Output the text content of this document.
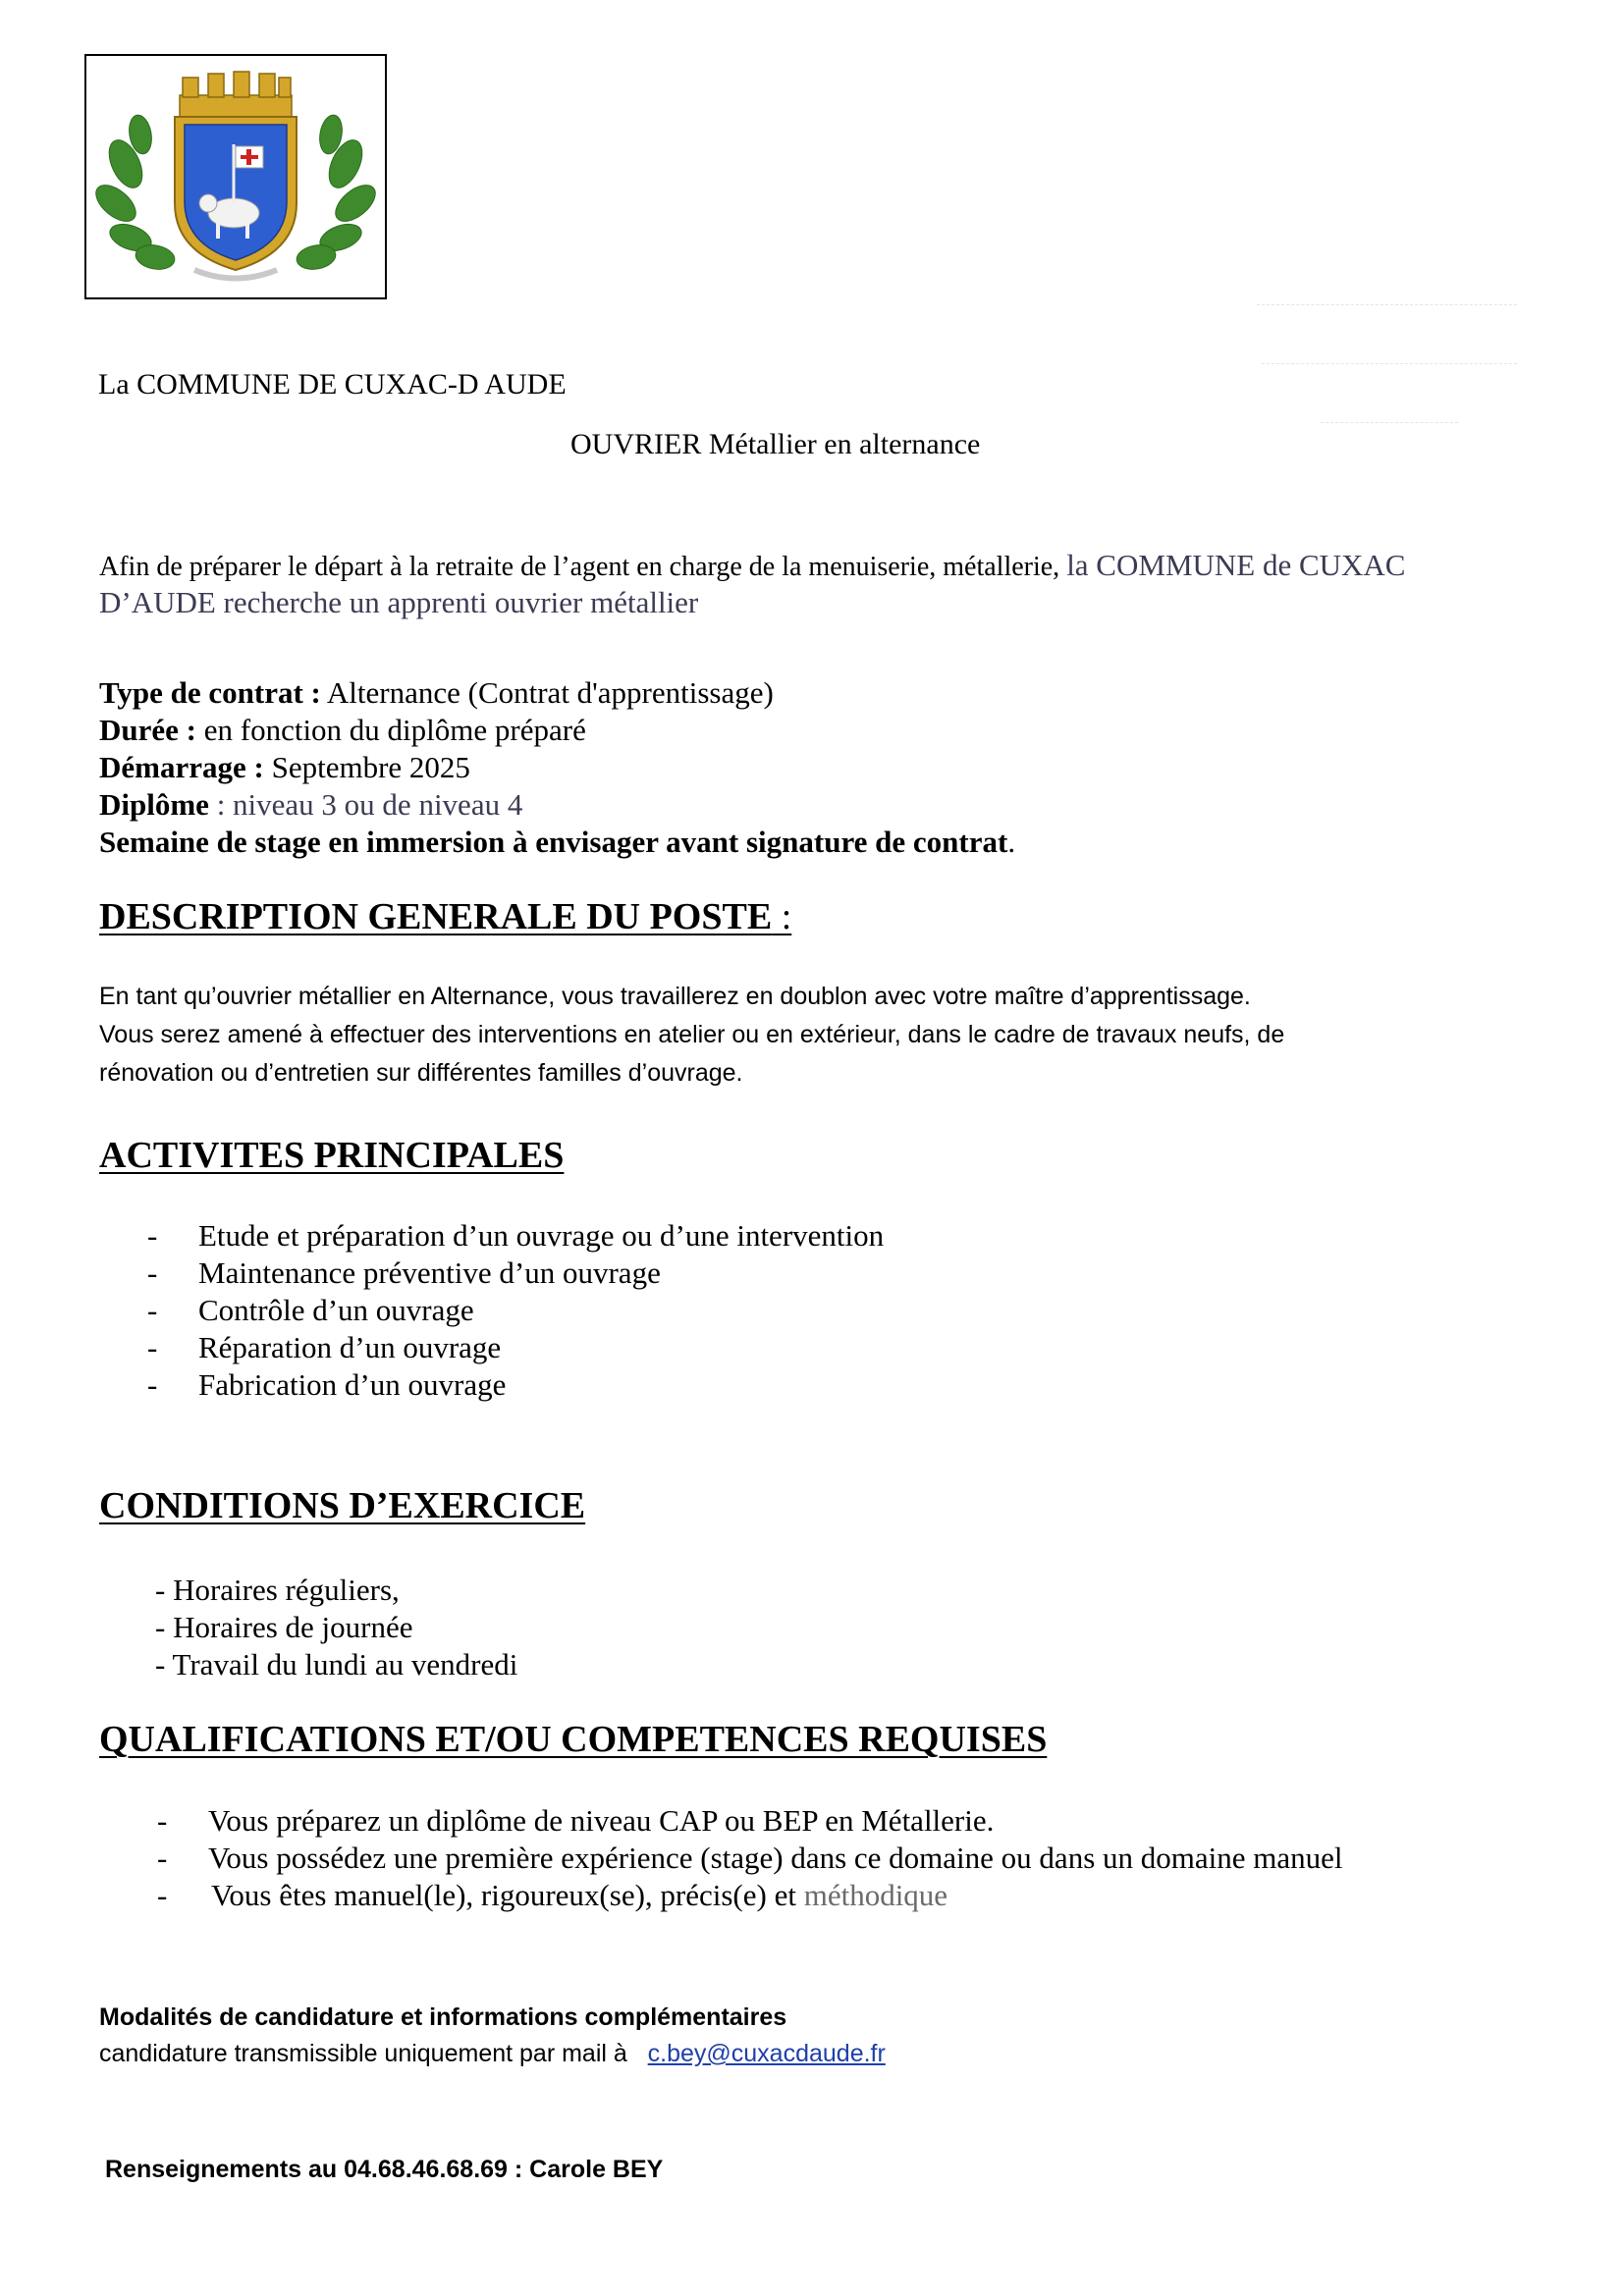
La COMMUNE DE CUXAC-D AUDE

OUVRIER Métallier en alternance

Afin de préparer le départ à la retraite de l’agent en charge de la menuiserie, métallerie, la COMMUNE de CUXAC

D’AUDE recherche un apprenti ouvrier métallier

Type de contrat : Alternance (Contrat d'apprentissage)
Durée : en fonction du diplôme préparé
Démarrage : Septembre 2025
Diplôme : niveau 3 ou de niveau 4
Semaine de stage en immersion à envisager avant signature de contrat.

DESCRIPTION GENERALE DU POSTE :

En tant qu’ouvrier métallier en Alternance, vous travaillerez en doublon avec votre maître d’apprentissage.
Vous serez amené à effectuer des interventions en atelier ou en extérieur, dans le cadre de travaux neufs, de
rénovation ou d’entretien sur différentes familles d’ouvrage.

ACTIVITES PRINCIPALES

- Etude et préparation d’un ouvrage ou d’une intervention
- Maintenance préventive d’un ouvrage
- Contrôle d’un ouvrage
- Réparation d’un ouvrage
- Fabrication d’un ouvrage

CONDITIONS D’EXERCICE

- Horaires réguliers,
- Horaires de journée
- Travail du lundi au vendredi

QUALIFICATIONS ET/OU COMPETENCES REQUISES

- Vous préparez un diplôme de niveau CAP ou BEP en Métallerie.
- Vous possédez une première expérience (stage) dans ce domaine ou dans un domaine manuel
- Vous êtes manuel(le), rigoureux(se), précis(e) et méthodique
Modalités de candidature et informations complémentaires
candidature transmissible uniquement par mail à   c.bey@cuxacdaude.fr

Renseignements au 04.68.46.68.69 : Carole BEY
